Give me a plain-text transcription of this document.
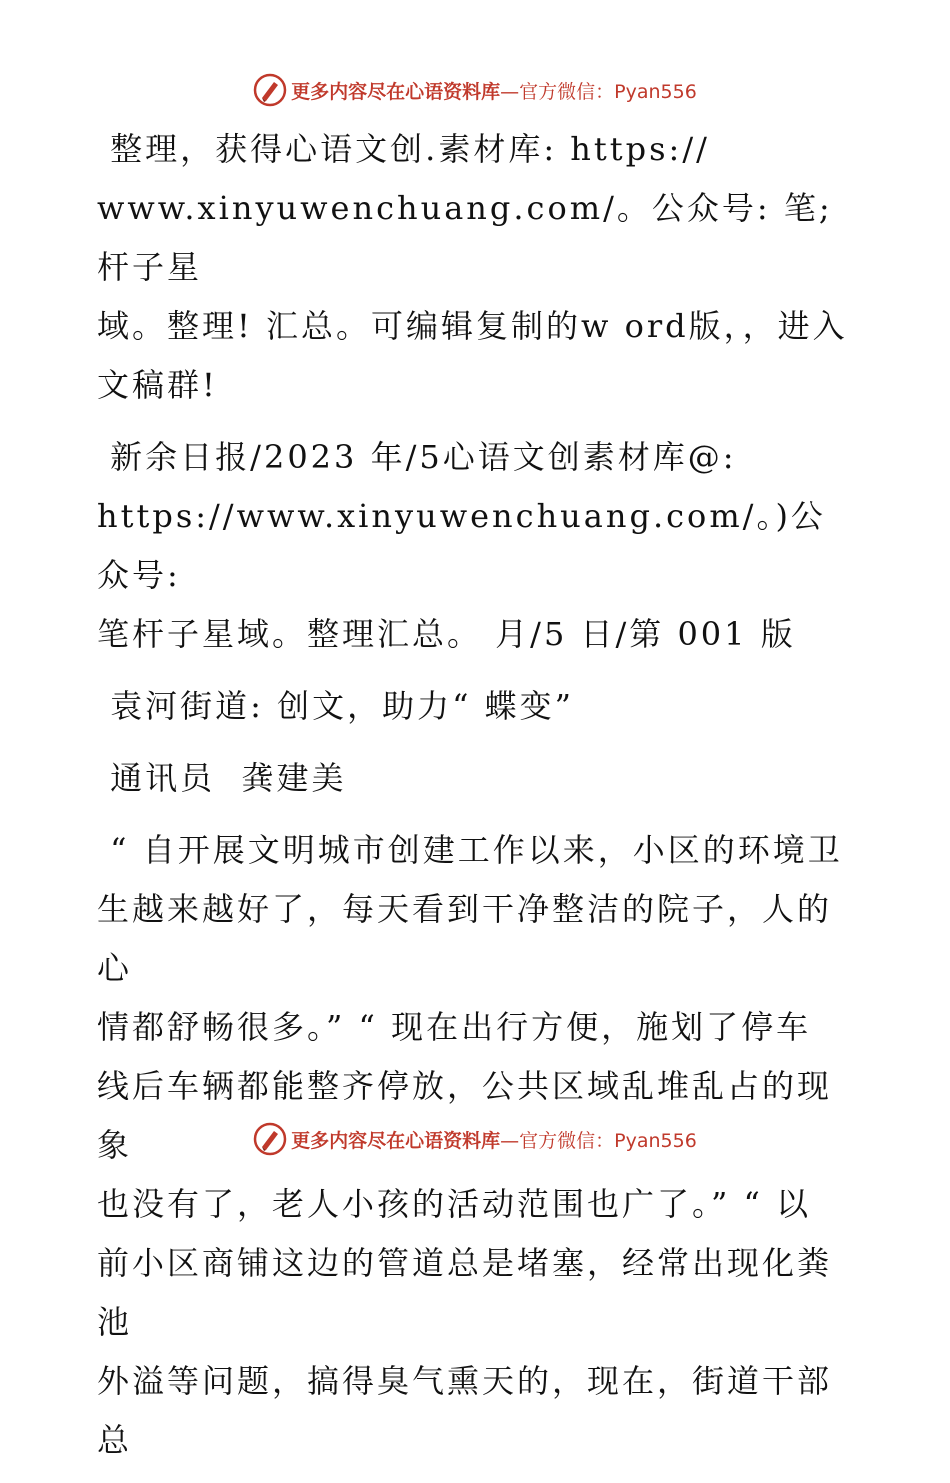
更多内容尽在心语资料库 —官方微信：Pyan556

整理，获得心语文创.素材库: https://
www.xinyuwenchuang.com/。公众号: 笔;杆子星
域。整理! 汇总。可编辑复制的w ord版，，进入
文稿群!

新余日报/2023 年/5心语文创素材库@:
https://www.xinyuwenchuang.com/。)公众号:
笔杆子星域。整理汇总。 月/5 日/第 001 版

袁河街道: 创文，助力“ 蝶变”

通讯员  龚建美

“ 自开展文明城市创建工作以来，小区的环境卫
生越来越好了，每天看到干净整洁的院子，人的心
情都舒畅很多。” “ 现在出行方便，施划了停车
线后车辆都能整齐停放，公共区域乱堆乱占的现象
也没有了，老人小孩的活动范围也广了。” “ 以
前小区商铺这边的管道总是堵塞，经常出现化粪池
外溢等问题，搞得臭气熏天的，现在，街道干部总

更多内容尽在心语资料库 —官方微信：Pyan556
